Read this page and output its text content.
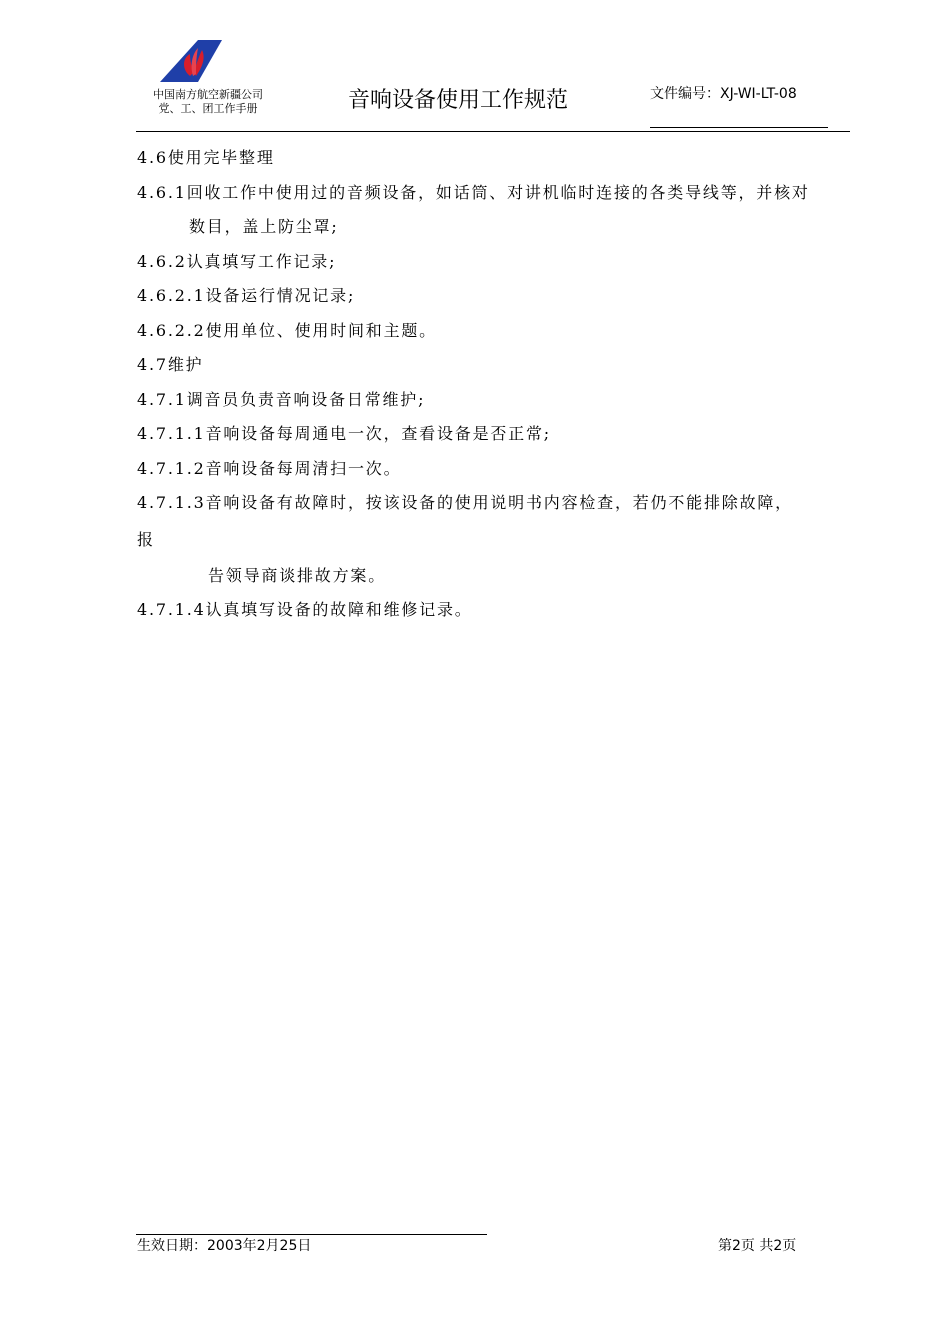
中国南方航空新疆公司
党、工、团工作手册	音响设备使用工作规范	文件编号：XJ-WI-LT-08
4.6使用完毕整理
4.6.1回收工作中使用过的音频设备，如话筒、对讲机临时连接的各类导线等，并核对
数目，盖上防尘罩;
4.6.2认真填写工作记录;
4.6.2.1设备运行情况记录;
4.6.2.2使用单位、使用时间和主题。
4.7维护
4.7.1调音员负责音响设备日常维护;
4.7.1.1音响设备每周通电一次，查看设备是否正常;
4.7.1.2音响设备每周清扫一次。
4.7.1.3音响设备有故障时，按该设备的使用说明书内容检查，若仍不能排除故障，
报
告领导商谈排故方案。
4.7.1.4认真填写设备的故障和维修记录。
生效日期：2003年2月25日	第2页 共2页
